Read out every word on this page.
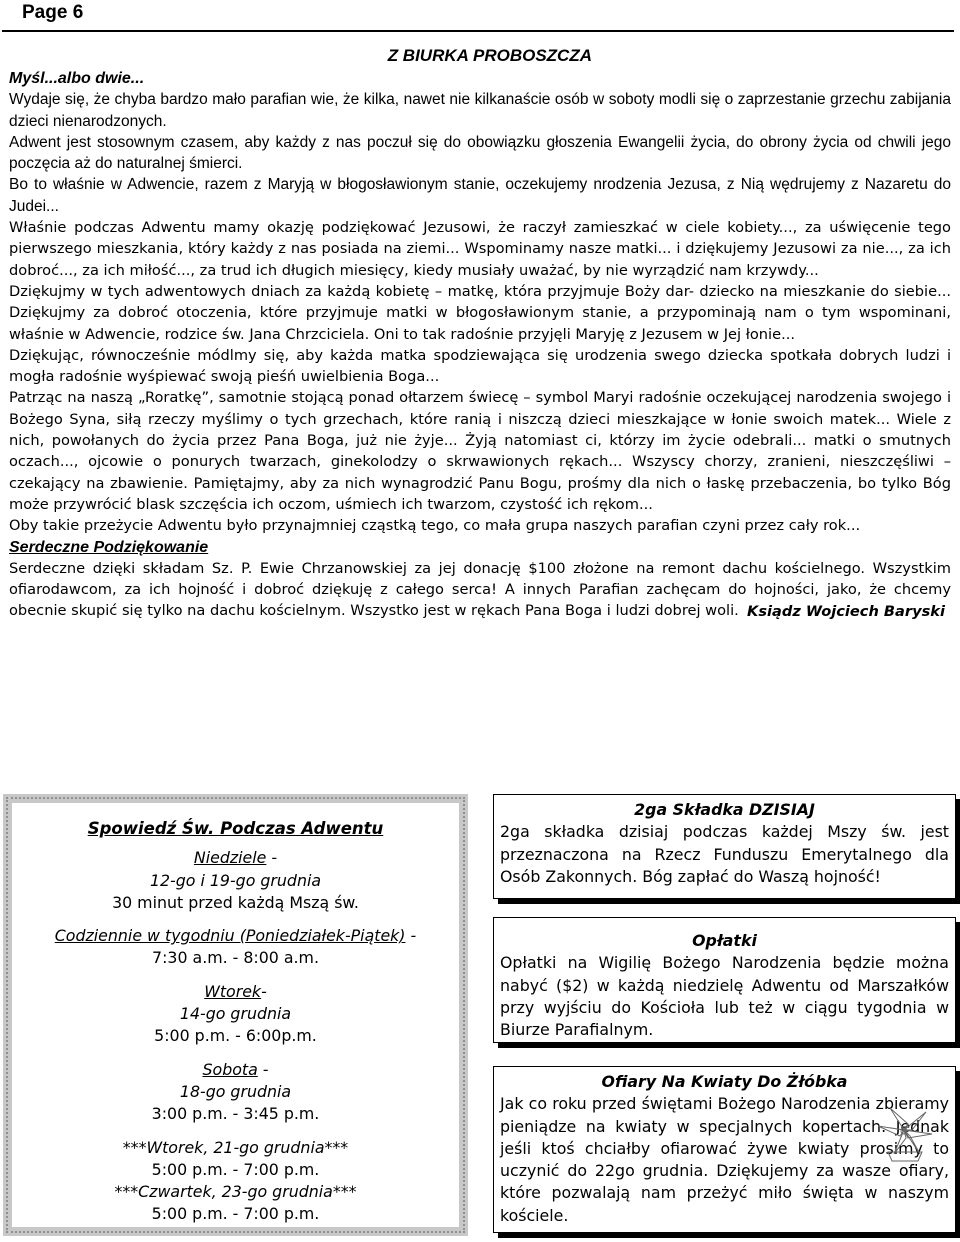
Page 6

Z BIURKA PROBOSZCZA

Myśl...albo dwie...

Wydaje się, że chyba bardzo mało parafian wie, że kilka, nawet nie kilkanaście osób w soboty modli się o zaprzestanie grzechu zabijania dzieci nienarodzonych.

Adwent jest stosownym czasem, aby każdy z nas poczuł się do obowiązku głoszenia Ewangelii życia, do obrony życia od chwili jego poczęcia aż do naturalnej śmierci.

Bo to właśnie w Adwencie, razem z Maryją w błogosławionym stanie, oczekujemy nrodzenia Jezusa, z Nią wędrujemy z Nazaretu do Judei...

Właśnie podczas Adwentu mamy okazję podziękować Jezusowi, że raczył zamieszkać w ciele kobiety..., za uświęcenie tego pierwszego mieszkania, który każdy z nas posiada na ziemi... Wspominamy nasze matki... i dziękujemy Jezusowi za nie..., za ich dobroć..., za ich miłość..., za trud ich długich miesięcy, kiedy musiały uważać, by nie wyrządzić nam krzywdy...

Dziękujmy w tych adwentowych dniach za każdą kobietę – matkę, która przyjmuje Boży dar- dziecko na mieszkanie do siebie... Dziękujmy za dobroć otoczenia, które przyjmuje matki w błogosławionym stanie, a przypominają nam o tym wspominani, właśnie w Adwencie, rodzice św. Jana Chrzciciela. Oni to tak radośnie przyjęli Maryję z Jezusem w Jej łonie...

Dziękując, równocześnie módlmy się, aby każda matka spodziewająca się urodzenia swego dziecka spotkała dobrych ludzi i mogła radośnie wyśpiewać swoją pieśń uwielbienia Boga...

Patrząc na naszą „Roratkę”, samotnie stojącą ponad ołtarzem świecę – symbol Maryi radośnie oczekującej narodzenia swojego i Bożego Syna, siłą rzeczy myślimy o tych grzechach, które ranią i niszczą dzieci mieszkające w łonie swoich matek... Wiele z nich, powołanych do życia przez Pana Boga, już nie żyje... Żyją natomiast ci, którzy im życie odebrali... matki o smutnych oczach..., ojcowie o ponurych twarzach, ginekolodzy o skrwawionych rękach... Wszyscy chorzy, zranieni, nieszczęśliwi – czekający na zbawienie. Pamiętajmy, aby za nich wynagrodzić Panu Bogu, prośmy dla nich o łaskę przebaczenia, bo tylko Bóg może przywrócić blask szczęścia ich oczom, uśmiech ich twarzom, czystość ich rękom...

Oby takie przeżycie Adwentu było przynajmniej cząstką tego, co mała grupa naszych parafian czyni przez cały rok...

Serdeczne Podziękowanie

Serdeczne dzięki składam Sz. P. Ewie Chrzanowskiej za jej donację $100 złożone na remont dachu kościelnego. Wszystkim ofiarodawcom, za ich hojność i dobroć dziękuję z całego serca! A innych Parafian zachęcam do hojności, jako, że chcemy obecnie skupić się tylko na dachu kościelnym. Wszystko jest w rękach Pana Boga i ludzi dobrej woli. Ksiądz Wojciech Baryski

Spowiedź Św. Podczas Adwentu

Niedziele -

12-go i 19-go grudnia

30 minut przed każdą Mszą św.

Codziennie w tygodniu (Poniedziałek-Piątek) -

7:30 a.m. - 8:00 a.m.

Wtorek-

14-go grudnia

5:00 p.m. - 6:00p.m.

Sobota -

18-go grudnia

3:00 p.m. - 3:45 p.m.

***Wtorek, 21-go grudnia***

5:00 p.m. - 7:00 p.m.

***Czwartek, 23-go grudnia***

5:00 p.m. - 7:00 p.m.

2ga Składka DZISIAJ

2ga składka dzisiaj podczas każdej Mszy św. jest przeznaczona na Rzecz Funduszu Emerytalnego dla Osób Zakonnych. Bóg zapłać do Waszą hojność!

Opłatki

Opłatki na Wigilię Bożego Narodzenia będzie można nabyć ($2) w każdą niedzielę Adwentu od Marszałków przy wyjściu do Kościoła lub też w ciągu tygodnia w Biurze Parafialnym.

Ofiary Na Kwiaty Do Żłóbka

Jak co roku przed świętami Bożego Narodzenia zbieramy pieniądze na kwiaty w specjalnych kopertach. Jednak jeśli ktoś chciałby ofiarować żywe kwiaty prosimy to uczynić do 22go grudnia. Dziękujemy za wasze ofiary, które pozwalają nam przeżyć miło święta w naszym kościele.
